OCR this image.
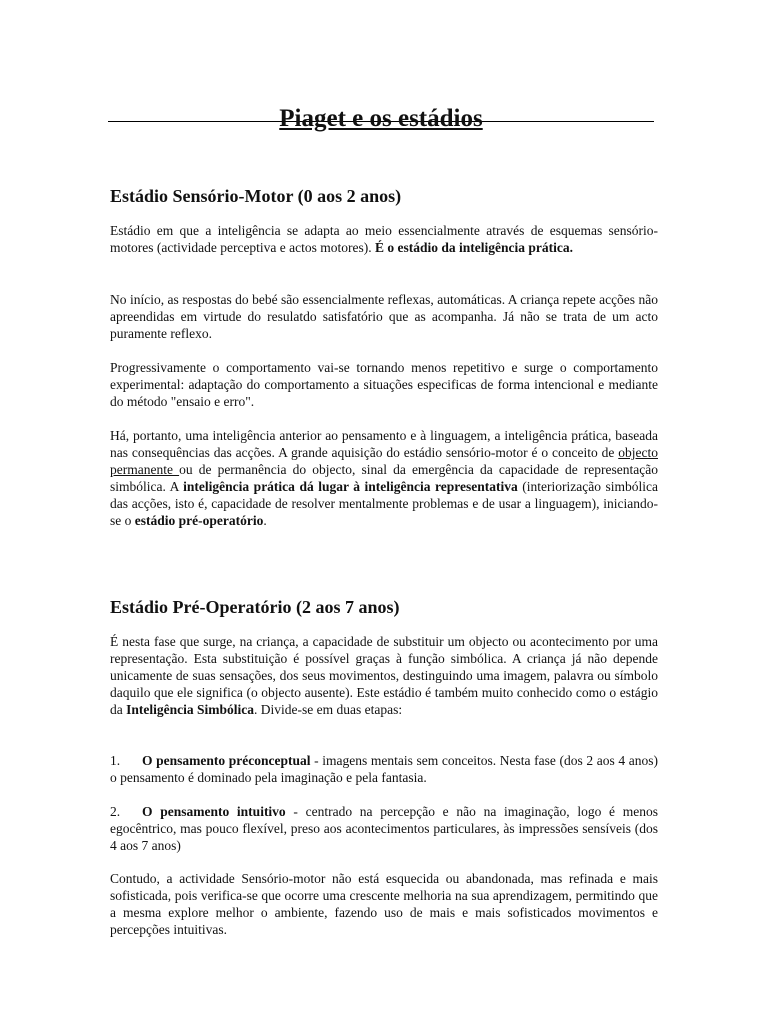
Piaget e os estádios
Estádio Sensório-Motor (0 aos 2 anos)

Estádio em que a inteligência se adapta ao meio essencialmente através de esquemas sensório-motores (actividade perceptiva e actos motores). É o estádio da inteligência prática.

No início, as respostas do bebé são essencialmente reflexas, automáticas. A criança repete acções não apreendidas em virtude do resulatdo satisfatório que as acompanha. Já não se trata de um acto puramente reflexo.

Progressivamente o comportamento vai-se tornando menos repetitivo e surge o comportamento experimental: adaptação do comportamento a situações especificas de forma intencional e mediante do método "ensaio e erro".

Há, portanto, uma inteligência anterior ao pensamento e à linguagem, a inteligência prática, baseada nas consequências das acções. A grande aquisição do estádio sensório-motor é o conceito de objecto permanente ou de permanência do objecto, sinal da emergência da capacidade de representação simbólica. A inteligência prática dá lugar à inteligência representativa (interiorização simbólica das acções, isto é, capacidade de resolver mentalmente problemas e de usar a linguagem), iniciando-se o estádio pré-operatório.

Estádio Pré-Operatório (2 aos 7 anos)

É nesta fase que surge, na criança, a capacidade de substituir um objecto ou acontecimento por uma representação. Esta substituição é possível graças à função simbólica. A criança já não depende unicamente de suas sensações, dos seus movimentos, destinguindo uma imagem, palavra ou símbolo daquilo que ele significa (o objecto ausente). Este estádio é também muito conhecido como o estágio da Inteligência Simbólica. Divide-se em duas etapas:

1. O pensamento préconceptual - imagens mentais sem conceitos. Nesta fase (dos 2 aos 4 anos) o pensamento é dominado pela imaginação e pela fantasia.

2. O pensamento intuitivo - centrado na percepção e não na imaginação, logo é menos egocêntrico, mas pouco flexível, preso aos acontecimentos particulares, às impressões sensíveis (dos 4 aos 7 anos)

Contudo, a actividade Sensório-motor não está esquecida ou abandonada, mas refinada e mais sofisticada, pois verifica-se que ocorre uma crescente melhoria na sua aprendizagem, permitindo que a mesma explore melhor o ambiente, fazendo uso de mais e mais sofisticados movimentos e percepções intuitivas.
